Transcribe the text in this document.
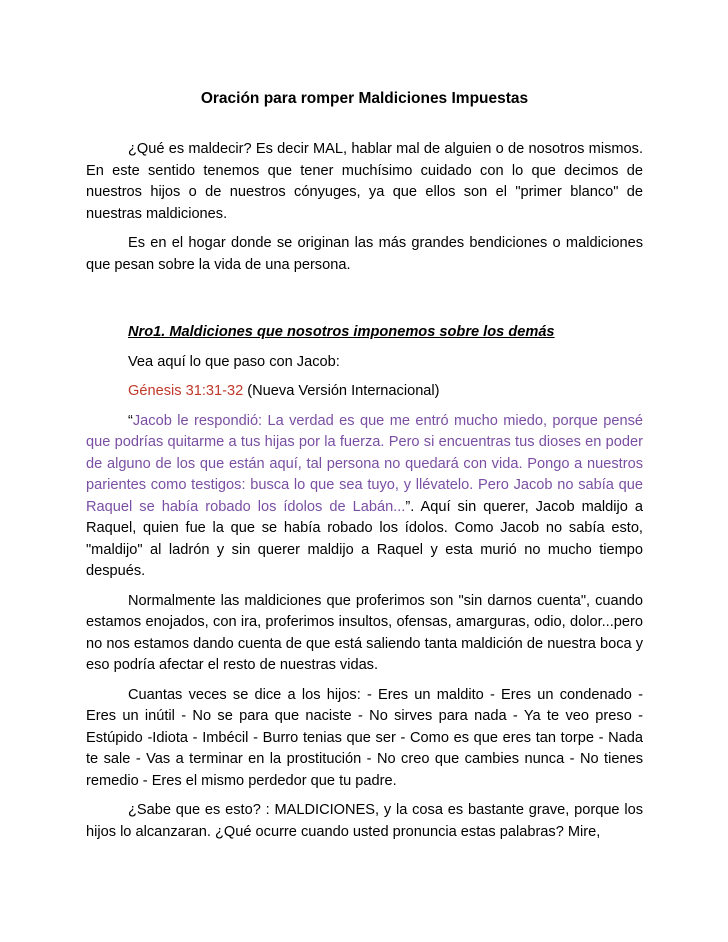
Oración para romper Maldiciones Impuestas

¿Qué es maldecir? Es decir MAL, hablar mal de alguien o de nosotros mismos. En este sentido tenemos que tener muchísimo cuidado con lo que decimos de nuestros hijos o de nuestros cónyuges, ya que ellos son el "primer blanco" de nuestras maldiciones.

Es en el hogar donde se originan las más grandes bendiciones o maldiciones que pesan sobre la vida de una persona.

Nro1. Maldiciones que nosotros imponemos sobre los demás

Vea aquí lo que paso con Jacob:

Génesis 31:31-32 (Nueva Versión Internacional)

“Jacob le respondió: La verdad es que me entró mucho miedo, porque pensé que podrías quitarme a tus hijas por la fuerza. Pero si encuentras tus dioses en poder de alguno de los que están aquí, tal persona no quedará con vida. Pongo a nuestros parientes como testigos: busca lo que sea tuyo, y llévatelo. Pero Jacob no sabía que Raquel se había robado los ídolos de Labán...”. Aquí sin querer, Jacob maldijo a Raquel, quien fue la que se había robado los ídolos. Como Jacob no sabía esto, "maldijo" al ladrón y sin querer maldijo a Raquel y esta murió no mucho tiempo después.

Normalmente las maldiciones que proferimos son "sin darnos cuenta", cuando estamos enojados, con ira, proferimos insultos, ofensas, amarguras, odio, dolor...pero no nos estamos dando cuenta de que está saliendo tanta maldición de nuestra boca y eso podría afectar el resto de nuestras vidas.

Cuantas veces se dice a los hijos: - Eres un maldito - Eres un condenado - Eres un inútil - No se para que naciste - No sirves para nada - Ya te veo preso - Estúpido -Idiota - Imbécil - Burro tenias que ser - Como es que eres tan torpe - Nada te sale - Vas a terminar en la prostitución - No creo que cambies nunca - No tienes remedio - Eres el mismo perdedor que tu padre.

¿Sabe que es esto? : MALDICIONES, y la cosa es bastante grave, porque los hijos lo alcanzaran. ¿Qué ocurre cuando usted pronuncia estas palabras? Mire,
